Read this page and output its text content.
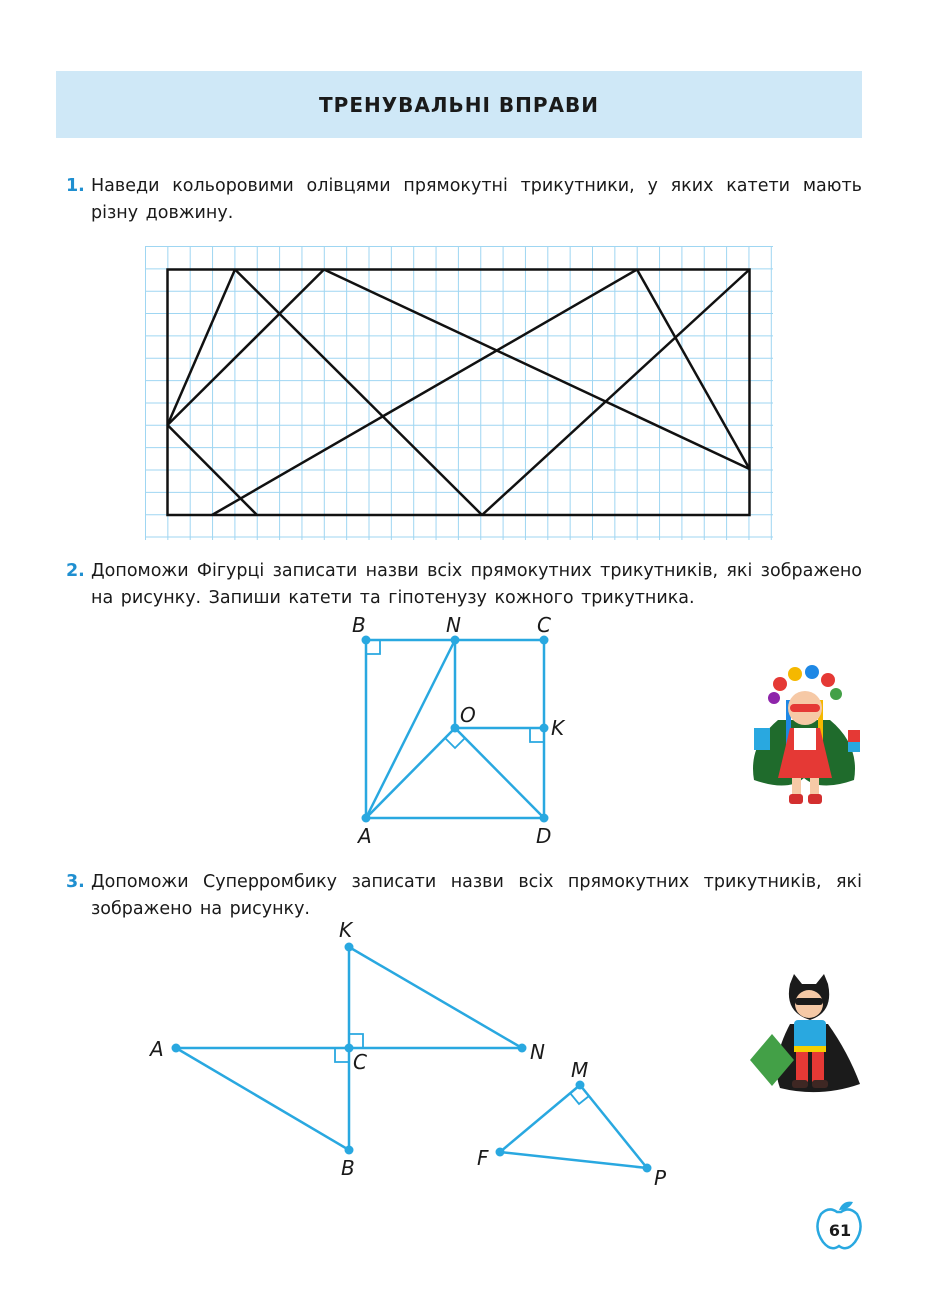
ТРЕНУВАЛЬНІ ВПРАВИ
1. Наведи кольоровими олівцями прямокутні трикутники, у яких катети мають різну довжину.
2. Допоможи Фігурці записати назви всіх прямокутних трикутників, які зображено на рисунку. Запиши катети та гіпотенузу кожного трикутника.
B	N	C
O
K
A	D
3. Допоможи Суперромбику записати назви всіх прямокутних трикутників, які зображено на рисунку.
K
A
C	N
B
M
F
P
61
